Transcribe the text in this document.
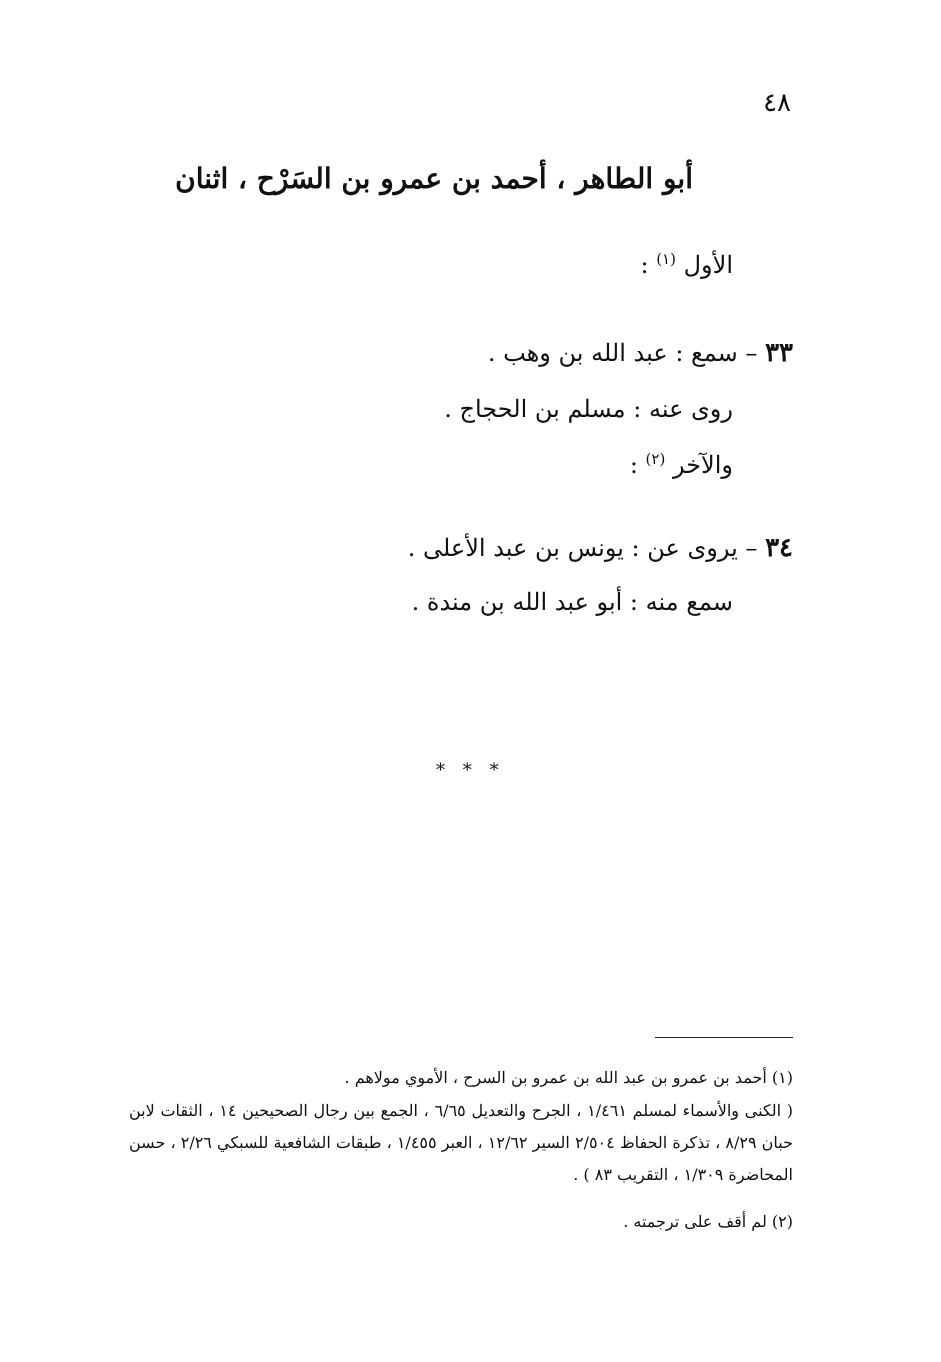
٤٨
أبو الطاهر ، أحمد بن عمرو بن السَرْح ، اثنان
الأول $^{(١)}$ :
٣٣ – سمع : عبد الله بن وهب .
روى عنه : مسلم بن الحجاج .
والآخر $^{(٢)}$ :
٣٤ – يروى عن : يونس بن عبد الأعلى .
سمع منه : أبو عبد الله بن مندة .
* * *
(١) أحمد بن عمرو بن عبد الله بن عمرو بن السرح ، الأموي مولاهم .
( الكنى والأسماء لمسلم ١/٤٦١ ، الجرح والتعديل ٦/٦٥ ، الجمع بين رجال الصحيحين ١٤ ، الثقات لابن حبان ٨/٢٩ ، تذكرة الحفاظ ٢/٥٠٤ السير ١٢/٦٢ ، العبر ١/٤٥٥ ، طبقات الشافعية للسبكي ٢/٢٦ ، حسن المحاضرة ١/٣٠٩ ، التقريب ٨٣ ) .
(٢) لم أقف على ترجمته .
